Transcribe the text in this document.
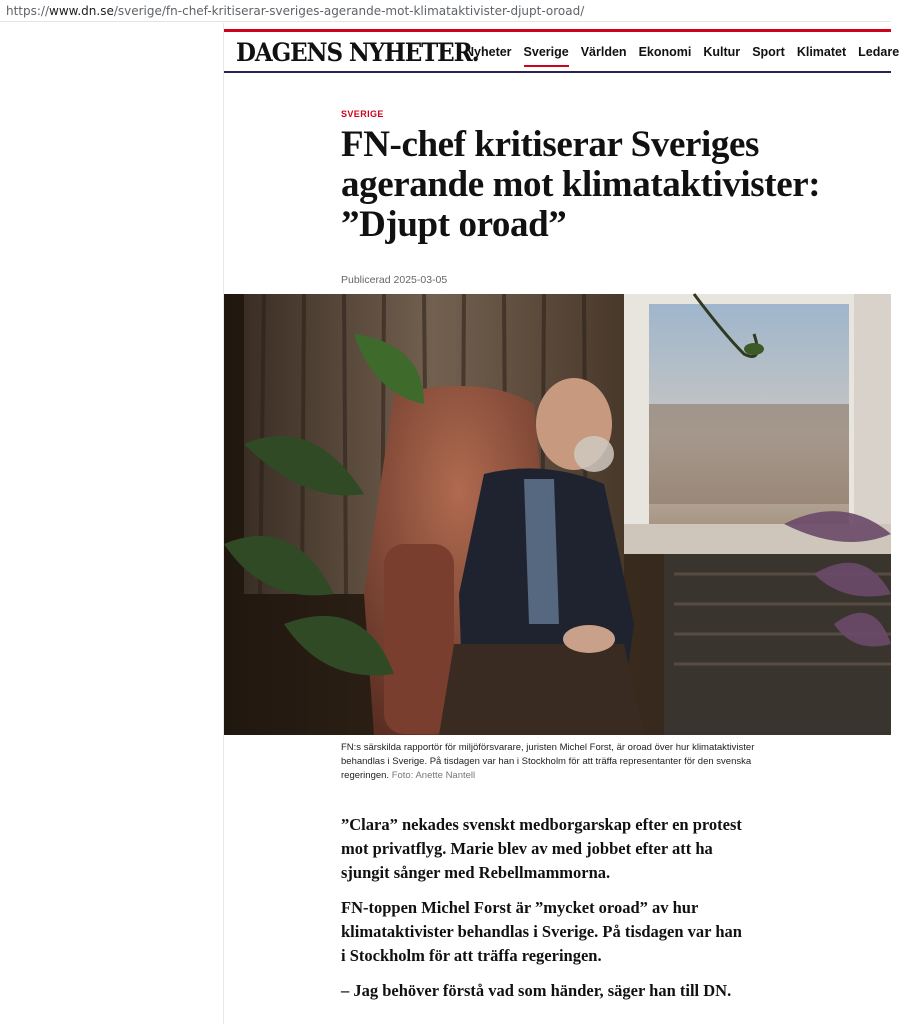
https://www.dn.se/sverige/fn-chef-kritiserar-sveriges-agerande-mot-klimataktivister-djupt-oroad/
DAGENS NYHETER.
Nyheter Sverige Världen Ekonomi Kultur Sport Klimatet Ledare

SVERIGE

FN-chef kritiserar Sveriges
agerande mot klimataktivister:
”Djupt oroad”
Publicerad 2025-03-05
FN:s särskilda rapportör för miljöförsvarare, juristen Michel Forst, är oroad över hur klimataktivister behandlas i Sverige. På tisdagen var han i Stockholm för att träffa representanter för den svenska regeringen. Foto: Anette Nantell

”Clara” nekades svenskt medborgarskap efter en protest mot privatflyg. Marie blev av med jobbet efter att ha sjungit sånger med Rebellmammorna.

FN-toppen Michel Forst är ”mycket oroad” av hur klimataktivister behandlas i Sverige. På tisdagen var han i Stockholm för att träffa regeringen.

– Jag behöver förstå vad som händer, säger han till DN.
